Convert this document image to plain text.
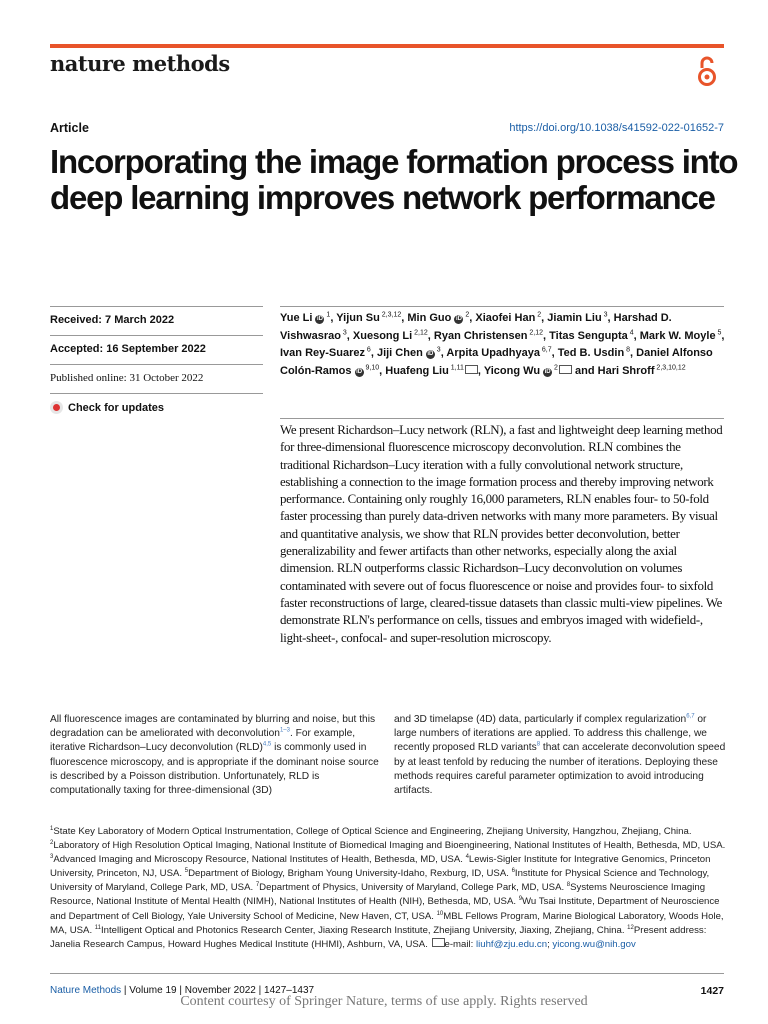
nature methods
Article	https://doi.org/10.1038/s41592-022-01652-7
Incorporating the image formation process into deep learning improves network performance
Received: 7 March 2022
Accepted: 16 September 2022
Published online: 31 October 2022
Check for updates

Yue Li iD $^1$, Yijun Su $^{2,3,12}$, Min Guo iD $^2$, Xiaofei Han $^2$, Jiamin Liu $^3$, Harshad D. Vishwasrao $^3$, Xuesong Li $^{2,12}$, Ryan Christensen $^{2,12}$, Titas Sengupta $^4$, Mark W. Moyle $^5$, Ivan Rey-Suarez $^6$, Jiji Chen iD $^3$, Arpita Upadhyaya $^{6,7}$, Ted B. Usdin $^8$, Daniel Alfonso Colón-Ramos iD $^{9,10}$, Huafeng Liu $^{1,11}$ , Yicong Wu iD $^2$ and Hari Shroff $^{2,3,10,12}$

We present Richardson–Lucy network (RLN), a fast and lightweight deep learning method for three-dimensional fluorescence microscopy deconvolution. RLN combines the traditional Richardson–Lucy iteration with a fully convolutional network structure, establishing a connection to the image formation process and thereby improving network performance. Containing only roughly 16,000 parameters, RLN enables four- to 50-fold faster processing than purely data-driven networks with many more parameters. By visual and quantitative analysis, we show that RLN provides better deconvolution, better generalizability and fewer artifacts than other networks, especially along the axial dimension. RLN outperforms classic Richardson–Lucy deconvolution on volumes contaminated with severe out of focus fluorescence or noise and provides four- to sixfold faster reconstructions of large, cleared-tissue datasets than classic multi-view pipelines. We demonstrate RLN's performance on cells, tissues and embryos imaged with widefield-, light-sheet-, confocal- and super-resolution microscopy.

All fluorescence images are contaminated by blurring and noise, but this degradation can be ameliorated with deconvolution$^{1-3}$. For example, iterative Richardson–Lucy deconvolution (RLD)$^{4,5}$ is commonly used in fluorescence microscopy, and is appropriate if the dominant noise source is described by a Poisson distribution. Unfortunately, RLD is computationally taxing for three-dimensional (3D)

and 3D timelapse (4D) data, particularly if complex regularization$^{6,7}$ or large numbers of iterations are applied. To address this challenge, we recently proposed RLD variants$^8$ that can accelerate deconvolution speed by at least tenfold by reducing the number of iterations. Deploying these methods requires careful parameter optimization to avoid introducing artifacts.

$^1$State Key Laboratory of Modern Optical Instrumentation, College of Optical Science and Engineering, Zhejiang University, Hangzhou, Zhejiang, China. $^2$Laboratory of High Resolution Optical Imaging, National Institute of Biomedical Imaging and Bioengineering, National Institutes of Health, Bethesda, MD, USA. $^3$Advanced Imaging and Microscopy Resource, National Institutes of Health, Bethesda, MD, USA. $^4$Lewis-Sigler Institute for Integrative Genomics, Princeton University, Princeton, NJ, USA. $^5$Department of Biology, Brigham Young University-Idaho, Rexburg, ID, USA. $^6$Institute for Physical Science and Technology, University of Maryland, College Park, MD, USA. $^7$Department of Physics, University of Maryland, College Park, MD, USA. $^8$Systems Neuroscience Imaging Resource, National Institute of Mental Health (NIMH), National Institutes of Health (NIH), Bethesda, MD, USA. $^9$Wu Tsai Institute, Department of Neuroscience and Department of Cell Biology, Yale University School of Medicine, New Haven, CT, USA. $^{10}$MBL Fellows Program, Marine Biological Laboratory, Woods Hole, MA, USA. $^{11}$Intelligent Optical and Photonics Research Center, Jiaxing Research Institute, Zhejiang University, Jiaxing, Zhejiang, China. $^{12}$Present address: Janelia Research Campus, Howard Hughes Medical Institute (HHMI), Ashburn, VA, USA. e-mail: liuhf@zju.edu.cn; yicong.wu@nih.gov

Nature Methods | Volume 19 | November 2022 | 1427–1437	1427
Content courtesy of Springer Nature, terms of use apply. Rights reserved
